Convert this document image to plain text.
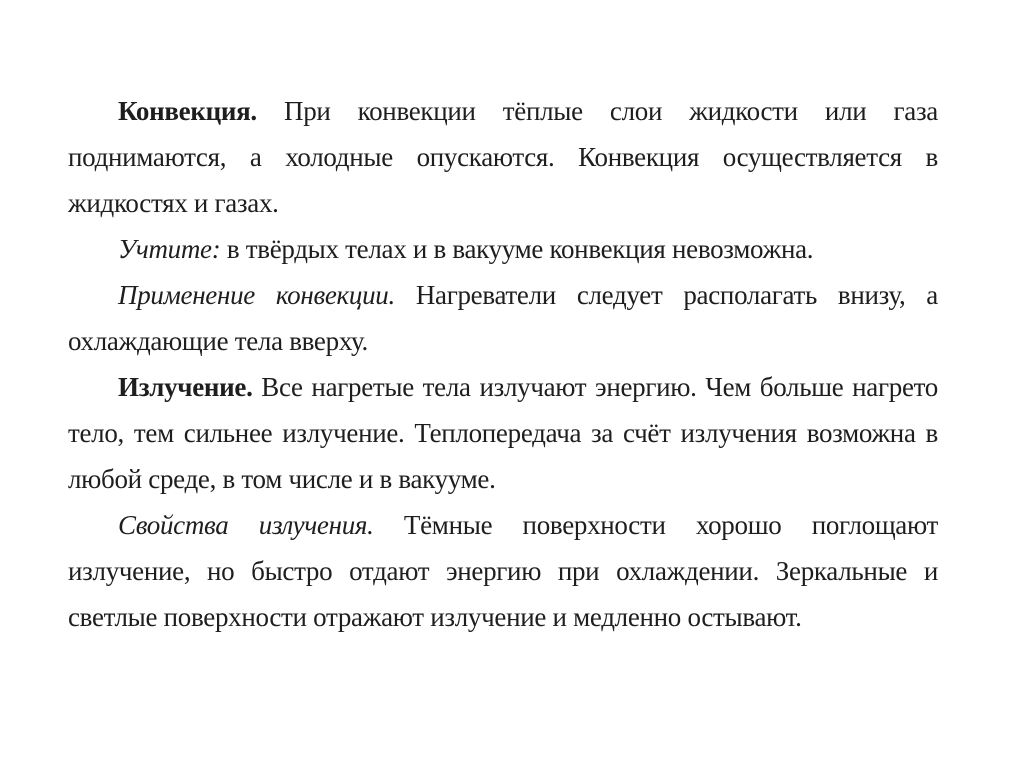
Конвекция. При конвекции тёплые слои жидкости или газа поднимаются, а холодные опускаются. Конвекция осуществляется в жидкостях и газах.

Учтите: в твёрдых телах и в вакууме конвекция невозможна.

Применение конвекции. Нагреватели следует располагать внизу, а охлаждающие тела вверху.

Излучение. Все нагретые тела излучают энергию. Чем больше нагрето тело, тем сильнее излучение. Теплопередача за счёт излучения возможна в любой среде, в том числе и в вакууме.

Свойства излучения. Тёмные поверхности хорошо поглощают излучение, но быстро отдают энергию при охлаждении. Зеркальные и светлые поверхности отражают излучение и медленно остывают.
